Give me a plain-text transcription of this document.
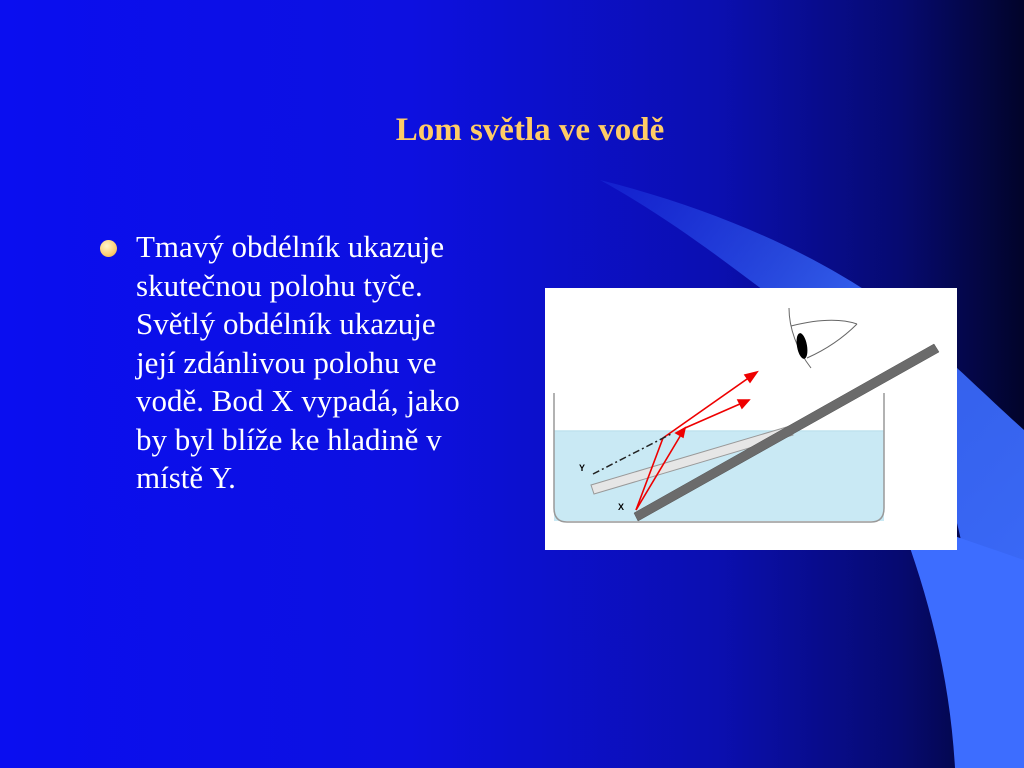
Lom světla ve vodě
Tmavý obdélník ukazuje skutečnou polohu tyče. Světlý obdélník ukazuje její zdánlivou polohu ve vodě. Bod X vypadá, jako by byl blíže ke hladině v místě Y.	Y
X
